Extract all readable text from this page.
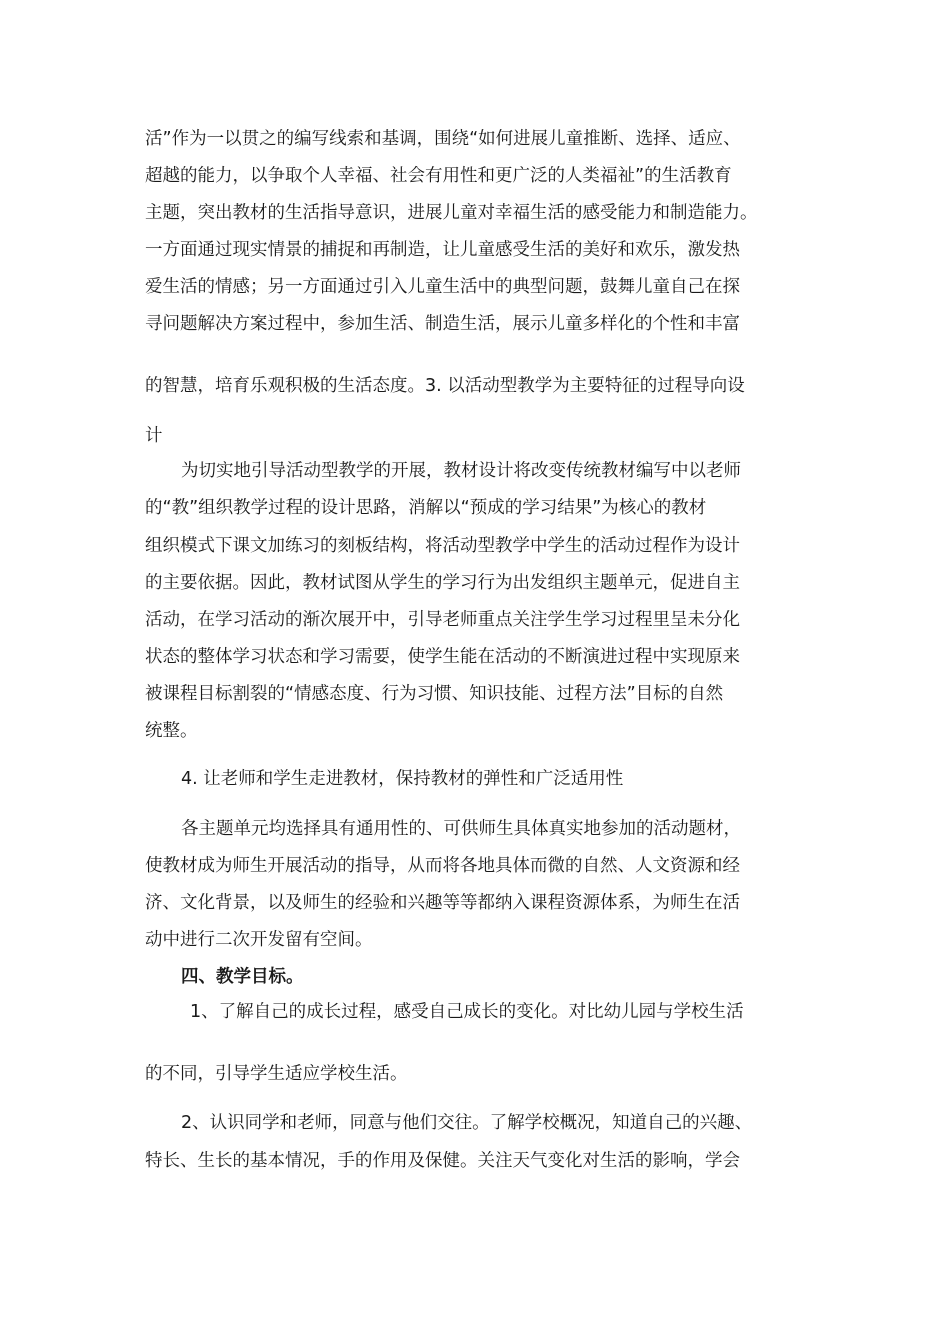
活”作为一以贯之的编写线索和基调，围绕“如何进展儿童推断、选择、适应、

超越的能力，以争取个人幸福、社会有用性和更广泛的人类福祉”的生活教育

主题，突出教材的生活指导意识，进展儿童对幸福生活的感受能力和制造能力。

一方面通过现实情景的捕捉和再制造，让儿童感受生活的美好和欢乐，激发热

爱生活的情感；另一方面通过引入儿童生活中的典型问题，鼓舞儿童自己在探

寻问题解决方案过程中，参加生活、制造生活，展示儿童多样化的个性和丰富

的智慧，培育乐观积极的生活态度。3. 以活动型教学为主要特征的过程导向设

计

为切实地引导活动型教学的开展，教材设计将改变传统教材编写中以老师

的“教”组织教学过程的设计思路，消解以“预成的学习结果”为核心的教材

组织模式下课文加练习的刻板结构，将活动型教学中学生的活动过程作为设计

的主要依据。因此，教材试图从学生的学习行为出发组织主题单元，促进自主

活动，在学习活动的渐次展开中，引导老师重点关注学生学习过程里呈未分化

状态的整体学习状态和学习需要，使学生能在活动的不断演进过程中实现原来

被课程目标割裂的“情感态度、行为习惯、知识技能、过程方法”目标的自然

统整。

4. 让老师和学生走进教材，保持教材的弹性和广泛适用性

各主题单元均选择具有通用性的、可供师生具体真实地参加的活动题材，

使教材成为师生开展活动的指导，从而将各地具体而微的自然、人文资源和经

济、文化背景，以及师生的经验和兴趣等等都纳入课程资源体系，为师生在活

动中进行二次开发留有空间。

四、教学目标。

1、了解自己的成长过程，感受自己成长的变化。对比幼儿园与学校生活

的不同，引导学生适应学校生活。

2、认识同学和老师，同意与他们交往。了解学校概况，知道自己的兴趣、

特长、生长的基本情况，手的作用及保健。关注天气变化对生活的影响，学会
